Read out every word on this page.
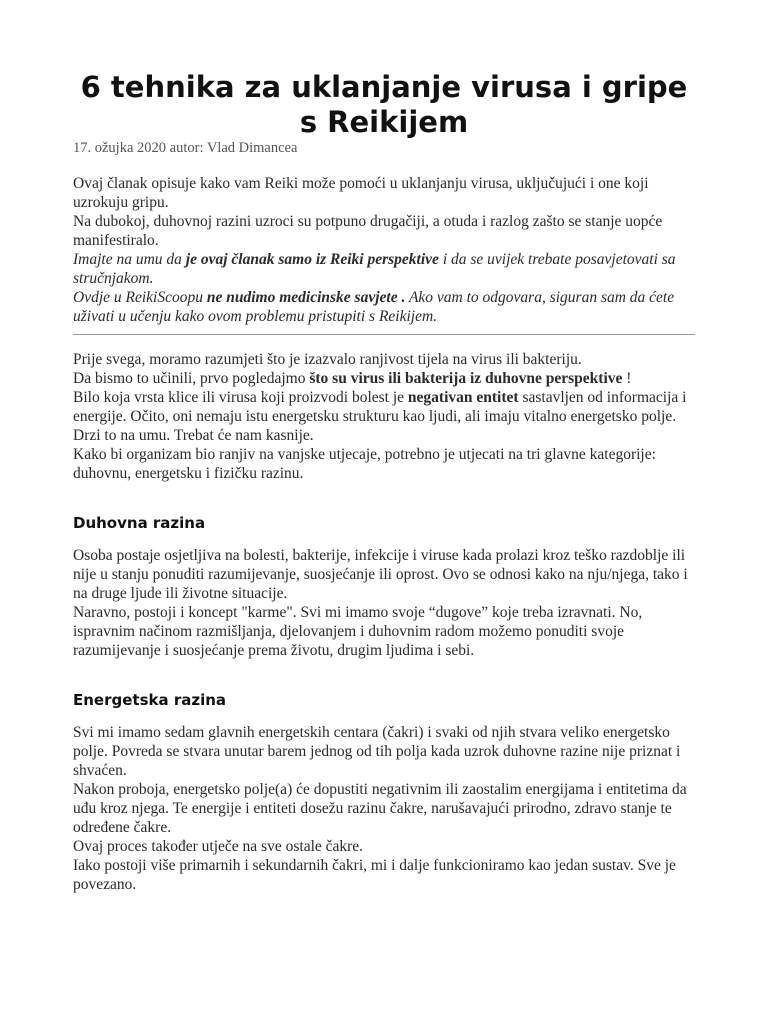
6 tehnika za uklanjanje virusa i gripe s Reikijem

17. ožujka 2020 autor: Vlad Dimancea

Ovaj članak opisuje kako vam Reiki može pomoći u uklanjanju virusa, uključujući i one koji uzrokuju gripu.

Na dubokoj, duhovnoj razini uzroci su potpuno drugačiji, a otuda i razlog zašto se stanje uopće manifestiralo.

Imajte na umu da je ovaj članak samo iz Reiki perspektive i da se uvijek trebate posavjetovati sa stručnjakom.

Ovdje u ReikiScoopu ne nudimo medicinske savjete . Ako vam to odgovara, siguran sam da ćete uživati u učenju kako ovom problemu pristupiti s Reikijem.

Prije svega, moramo razumjeti što je izazvalo ranjivost tijela na virus ili bakteriju.

Da bismo to učinili, prvo pogledajmo što su virus ili bakterija iz duhovne perspektive !

Bilo koja vrsta klice ili virusa koji proizvodi bolest je negativan entitet sastavljen od informacija i energije. Očito, oni nemaju istu energetsku strukturu kao ljudi, ali imaju vitalno energetsko polje.

Drzi to na umu. Trebat će nam kasnije.

Kako bi organizam bio ranjiv na vanjske utjecaje, potrebno je utjecati na tri glavne kategorije: duhovnu, energetsku i fizičku razinu.

Duhovna razina

Osoba postaje osjetljiva na bolesti, bakterije, infekcije i viruse kada prolazi kroz teško razdoblje ili nije u stanju ponuditi razumijevanje, suosjećanje ili oprost. Ovo se odnosi kako na nju/njega, tako i na druge ljude ili životne situacije.

Naravno, postoji i koncept "karme". Svi mi imamo svoje “dugove” koje treba izravnati. No, ispravnim načinom razmišljanja, djelovanjem i duhovnim radom možemo ponuditi svoje razumijevanje i suosjećanje prema životu, drugim ljudima i sebi.

Energetska razina

Svi mi imamo sedam glavnih energetskih centara (čakri) i svaki od njih stvara veliko energetsko polje. Povreda se stvara unutar barem jednog od tih polja kada uzrok duhovne razine nije priznat i shvaćen.

Nakon proboja, energetsko polje(a) će dopustiti negativnim ili zaostalim energijama i entitetima da uđu kroz njega. Te energije i entiteti dosežu razinu čakre, narušavajući prirodno, zdravo stanje te određene čakre.

Ovaj proces također utječe na sve ostale čakre.

Iako postoji više primarnih i sekundarnih čakri, mi i dalje funkcioniramo kao jedan sustav. Sve je povezano.
